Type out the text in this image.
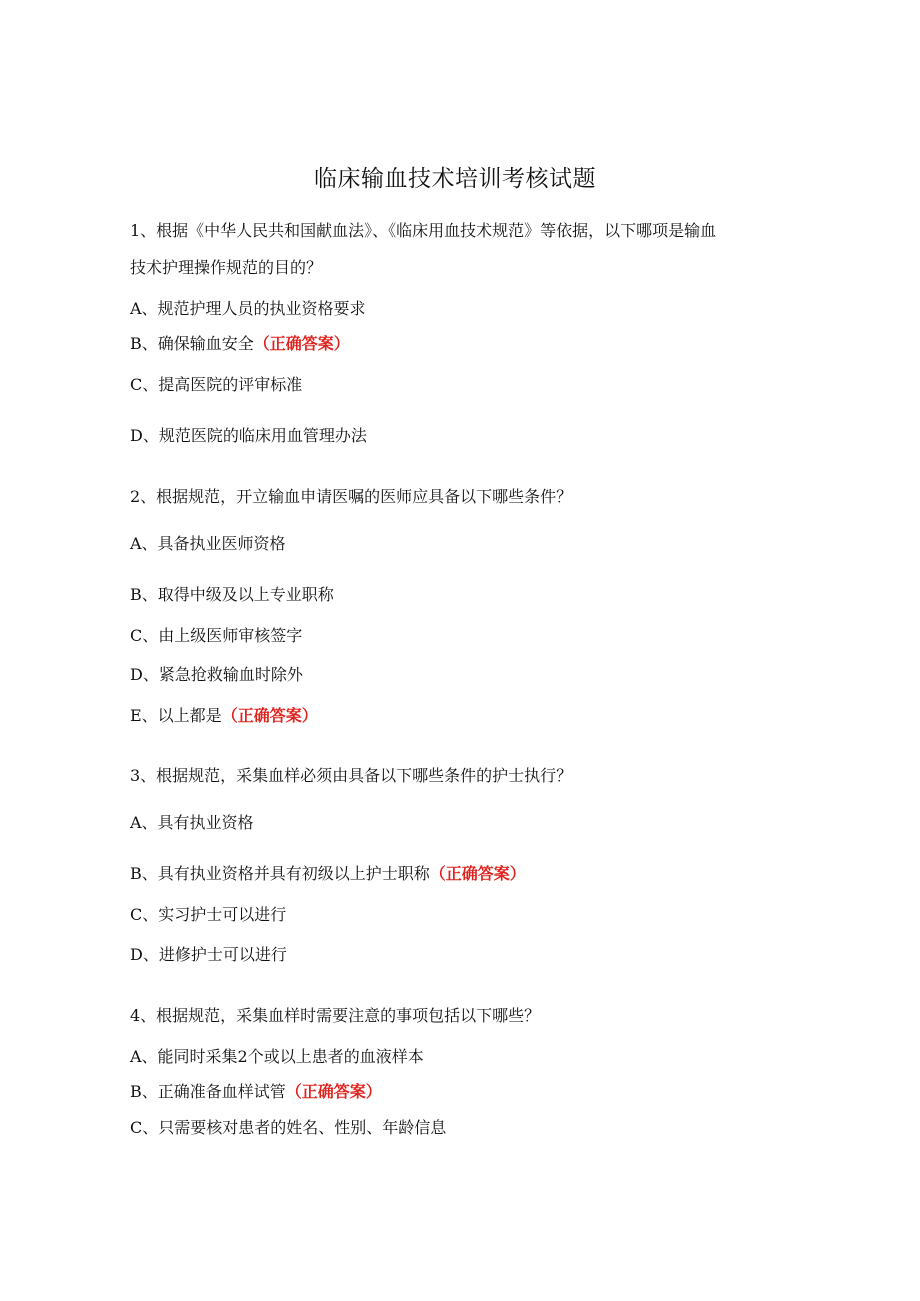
临床输血技术培训考核试题
1、根据《中华人民共和国献血法》、《临床用血技术规范》等依据，以下哪项是输血
技术护理操作规范的目的？
A、规范护理人员的执业资格要求
B、确保输血安全（正确答案）
C、提高医院的评审标准
D、规范医院的临床用血管理办法
2、根据规范，开立输血申请医嘱的医师应具备以下哪些条件？
A、具备执业医师资格
B、取得中级及以上专业职称
C、由上级医师审核签字
D、紧急抢救输血时除外
E、以上都是（正确答案）
3、根据规范，采集血样必须由具备以下哪些条件的护士执行？
A、具有执业资格
B、具有执业资格并具有初级以上护士职称（正确答案）
C、实习护士可以进行
D、进修护士可以进行
4、根据规范，采集血样时需要注意的事项包括以下哪些？
A、能同时采集2个或以上患者的血液样本
B、正确准备血样试管（正确答案）
C、只需要核对患者的姓名、性别、年龄信息
